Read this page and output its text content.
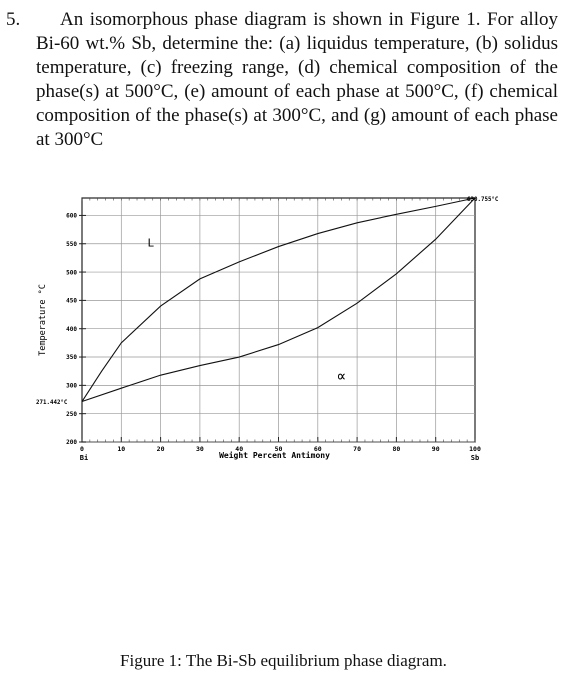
5.	An isomorphous phase diagram is shown in Figure 1. For alloy Bi-60 wt.% Sb, determine the: (a) liquidus temperature, (b) solidus temperature, (c) freezing range, (d) chemical composition of the phase(s) at 500°C, (e) amount of each phase at 500°C, (f) chemical composition of the phase(s) at 300°C, and (g) amount of each phase at 300°C
0	10	20	30	40	50	60	70	80	90	100
200
250
300
350
400
450
500
550
600
Temperature °C
Weight Percent Antimony
Bi	Sb
271.442°C
630.755°C
L
∝
Figure 1: The Bi-Sb equilibrium phase diagram.
